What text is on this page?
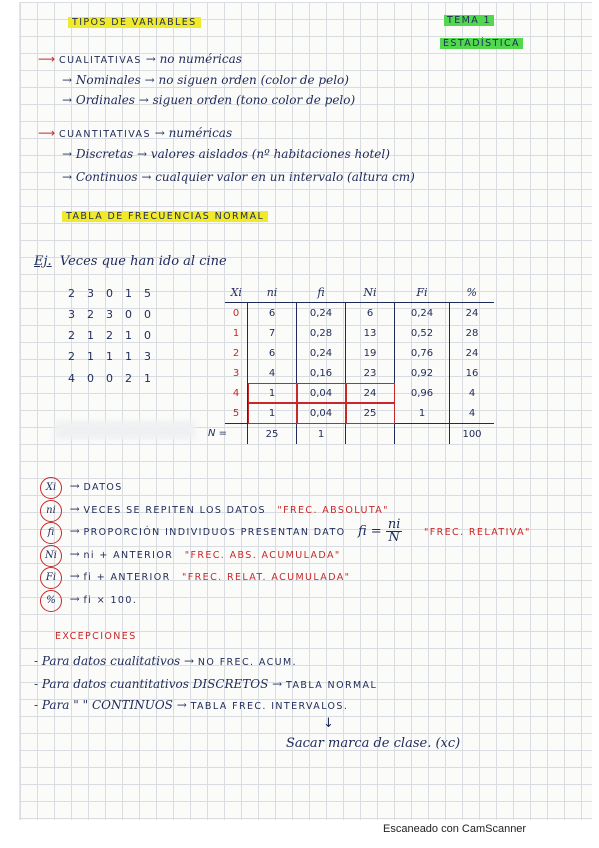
TIPOS DE VARIABLES	TEMA 1
ESTADÍSTICA
⟶ CUALITATIVAS → no numéricas
→ Nominales → no siguen orden (color de pelo)
→ Ordinales → siguen orden (tono color de pelo)
⟶ CUANTITATIVAS → numéricas
→ Discretas → valores aislados (nº habitaciones hotel)
→ Continuos → cualquier valor en un intervalo (altura cm)
TABLA DE FRECUENCIAS NORMAL
Ej. Veces que han ido al cine
2 3 0 1 5
3 2 3 0 0
2 1 2 1 0
2 1 1 1 3
4 0 0 2 1
Xi	ni	fi	Ni	Fi	%
0	6	0,24	6	0,24	24
1	7	0,28	13	0,52	28
2	6	0,24	19	0,76	24
3	4	0,16	23	0,92	16
4	1	0,04	24	0,96	4
5	1	0,04	25	1	4

N =	25	1			100
Xi  → DATOS
ni  → VECES SE REPITEN LOS DATOS "FREC. ABSOLUTA"
fi  → PROPORCIÓN INDIVIDUOS PRESENTAN DATO	"FREC. RELATIVA"
Ni  → ni + ANTERIOR "FREC. ABS. ACUMULADA"
Fi  → fi + ANTERIOR "FREC. RELAT. ACUMULADA"
%  → fi × 100.
fi = $\frac{ni}{N}$
EXCEPCIONES
- Para datos cualitativos → NO FREC. ACUM.
- Para datos cuantitativos DISCRETOS → TABLA NORMAL
- Para " " CONTINUOS → TABLA FREC. INTERVALOS.
↓
Sacar marca de clase. (xc)
Escaneado con CamScanner
